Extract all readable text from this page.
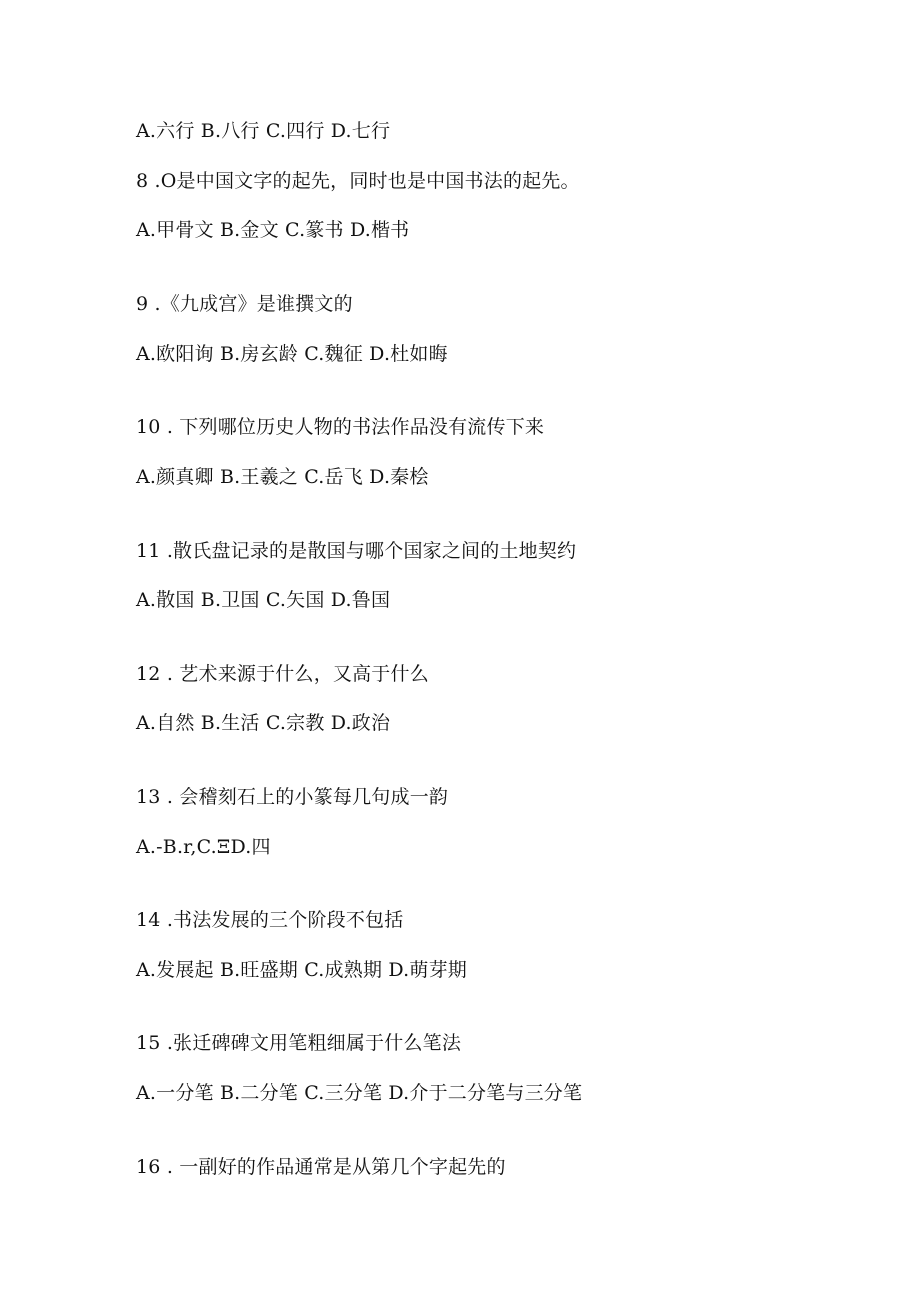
A.六行 B.八行 C.四行 D.七行
8 .O是中国文字的起先，同时也是中国书法的起先。
A.甲骨文 B.金文 C.篆书 D.楷书
9 .《九成宫》是谁撰文的
A.欧阳询 B.房玄龄 C.魏征 D.杜如晦
10 . 下列哪位历史人物的书法作品没有流传下来
A.颜真卿 B.王羲之 C.岳飞 D.秦桧
11 .散氏盘记录的是散国与哪个国家之间的土地契约
A.散国 B.卫国 C.矢国 D.鲁国
12 . 艺术来源于什么，又高于什么
A.自然 B.生活 C.宗教 D.政治
13 . 会稽刻石上的小篆每几句成一韵
A.-B.r,C.ΞD.四
14 .书法发展的三个阶段不包括
A.发展起 B.旺盛期 C.成熟期 D.萌芽期
15 .张迁碑碑文用笔粗细属于什么笔法
A.一分笔 B.二分笔 C.三分笔 D.介于二分笔与三分笔
16 . 一副好的作品通常是从第几个字起先的
